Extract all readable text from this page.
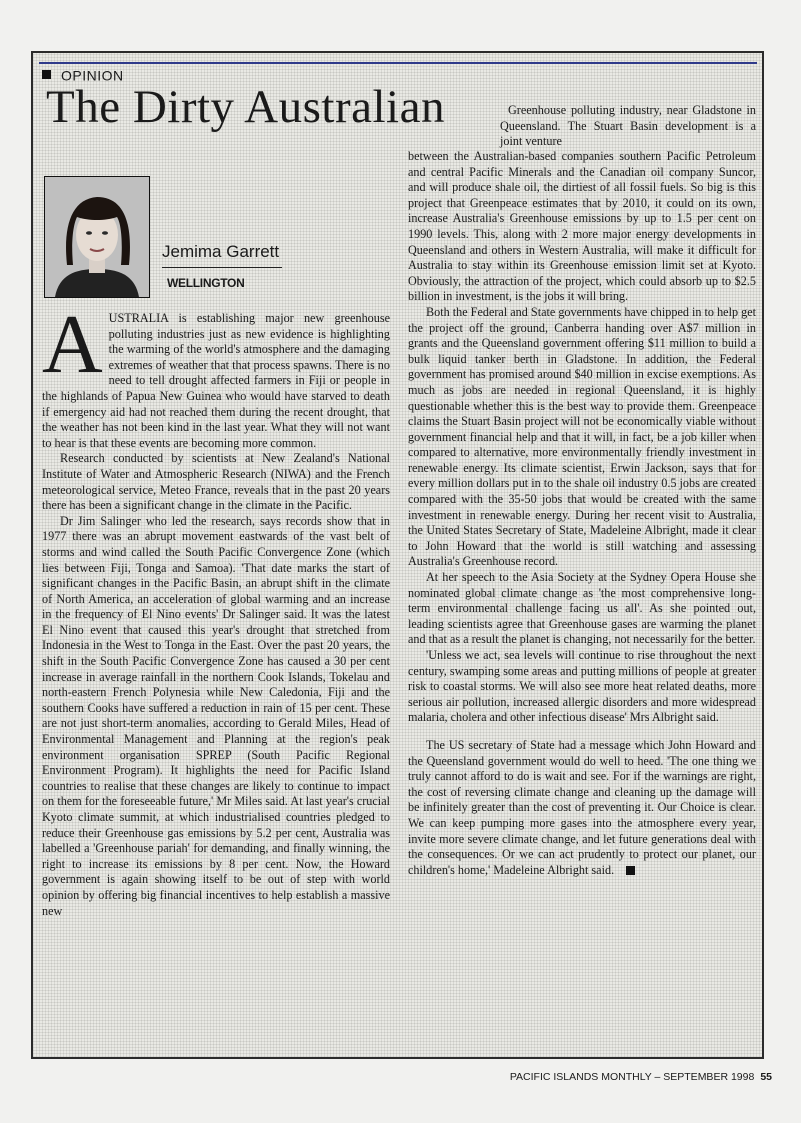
OPINION
The Dirty Australian
Jemima Garrett
WELLINGTON
Greenhouse polluting industry, near Gladstone in Queensland. The Stuart Basin development is a joint venture

AUSTRALIA is establishing major new greenhouse polluting industries just as new evidence is highlighting the warming of the world's atmosphere and the damaging extremes of weather that that process spawns. There is no need to tell drought affected farmers in Fiji or people in the highlands of Papua New Guinea who would have starved to death if emergency aid had not reached them during the recent drought, that the weather has not been kind in the last year. What they will not want to hear is that these events are becoming more common.

Research conducted by scientists at New Zealand's National Institute of Water and Atmospheric Research (NIWA) and the French meteorological service, Meteo France, reveals that in the past 20 years there has been a significant change in the climate in the Pacific.

Dr Jim Salinger who led the research, says records show that in 1977 there was an abrupt movement eastwards of the vast belt of storms and wind called the South Pacific Convergence Zone (which lies between Fiji, Tonga and Samoa). 'That date marks the start of significant changes in the Pacific Basin, an abrupt shift in the climate of North America, an acceleration of global warming and an increase in the frequency of El Nino events' Dr Salinger said. It was the latest El Nino event that caused this year's drought that stretched from Indonesia in the West to Tonga in the East. Over the past 20 years, the shift in the South Pacific Convergence Zone has caused a 30 per cent increase in average rainfall in the northern Cook Islands, Tokelau and north-eastern French Polynesia while New Caledonia, Fiji and the southern Cooks have suffered a reduction in rain of 15 per cent. These are not just short-term anomalies, according to Gerald Miles, Head of Environmental Management and Planning at the region's peak environment organisation SPREP (South Pacific Regional Environment Program). It highlights the need for Pacific Island countries to realise that these changes are likely to continue to impact on them for the foreseeable future,' Mr Miles said. At last year's crucial Kyoto climate summit, at which industrialised countries pledged to reduce their Greenhouse gas emissions by 5.2 per cent, Australia was labelled a 'Greenhouse pariah' for demanding, and finally winning, the right to increase its emissions by 8 per cent. Now, the Howard government is again showing itself to be out of step with world opinion by offering big financial incentives to help establish a massive new

between the Australian-based companies southern Pacific Petroleum and central Pacific Minerals and the Canadian oil company Suncor, and will produce shale oil, the dirtiest of all fossil fuels. So big is this project that Greenpeace estimates that by 2010, it could on its own, increase Australia's Greenhouse emissions by up to 1.5 per cent on 1990 levels. This, along with 2 more major energy developments in Queensland and others in Western Australia, will make it difficult for Australia to stay within its Greenhouse emission limit set at Kyoto. Obviously, the attraction of the project, which could absorb up to $2.5 billion in investment, is the jobs it will bring.

Both the Federal and State governments have chipped in to help get the project off the ground, Canberra handing over A$7 million in grants and the Queensland government offering $11 million to build a bulk liquid tanker berth in Gladstone. In addition, the Federal government has promised around $40 million in excise exemptions. As much as jobs are needed in regional Queensland, it is highly questionable whether this is the best way to provide them. Greenpeace claims the Stuart Basin project will not be economically viable without government financial help and that it will, in fact, be a job killer when compared to alternative, more environmentally friendly investment in renewable energy. Its climate scientist, Erwin Jackson, says that for every million dollars put in to the shale oil industry 0.5 jobs are created compared with the 35-50 jobs that would be created with the same investment in renewable energy. During her recent visit to Australia, the United States Secretary of State, Madeleine Albright, made it clear to John Howard that the world is still watching and assessing Australia's Greenhouse record.

At her speech to the Asia Society at the Sydney Opera House she nominated global climate change as 'the most comprehensive long-term environmental challenge facing us all'. As she pointed out, leading scientists agree that Greenhouse gases are warming the planet and that as a result the planet is changing, not necessarily for the better.

'Unless we act, sea levels will continue to rise throughout the next century, swamping some areas and putting millions of people at greater risk to coastal storms. We will also see more heat related deaths, more serious air pollution, increased allergic disorders and more widespread malaria, cholera and other infectious disease' Mrs Albright said.

The US secretary of State had a message which John Howard and the Queensland government would do well to heed. 'The one thing we truly cannot afford to do is wait and see. For if the warnings are right, the cost of reversing climate change and cleaning up the damage will be infinitely greater than the cost of preventing it. Our Choice is clear. We can keep pumping more gases into the atmosphere every year, invite more severe climate change, and let future generations deal with the consequences. Or we can act prudently to protect our planet, our children's home,' Madeleine Albright said.

PACIFIC ISLANDS MONTHLY – SEPTEMBER 1998 55
